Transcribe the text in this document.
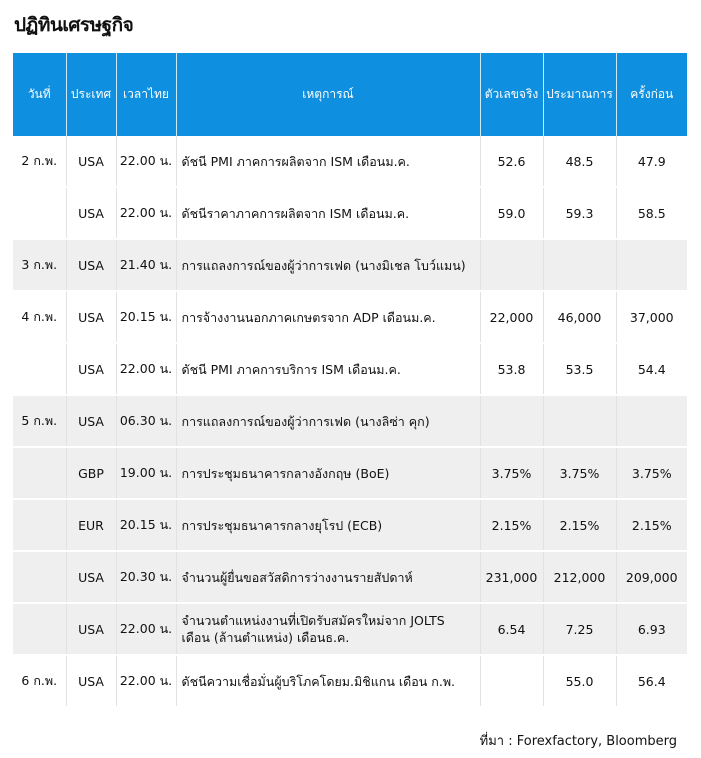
ปฏิทินเศรษฐกิจ
วันที่	ประเทศ	เวลาไทย	เหตุการณ์	ตัวเลขจริง	ประมาณการ	ครั้งก่อน
2 ก.พ.	USA	22.00 น.	ดัชนี PMI ภาคการผลิตจาก ISM เดือนม.ค.	52.6	48.5	47.9
	USA	22.00 น.	ดัชนีราคาภาคการผลิตจาก ISM เดือนม.ค.	59.0	59.3	58.5
3 ก.พ.	USA	21.40 น.	การแถลงการณ์ของผู้ว่าการเฟด (นางมิเชล โบว์แมน)			
4 ก.พ.	USA	20.15 น.	การจ้างงานนอกภาคเกษตรจาก ADP เดือนม.ค.	22,000	46,000	37,000
	USA	22.00 น.	ดัชนี PMI ภาคการบริการ ISM เดือนม.ค.	53.8	53.5	54.4
5 ก.พ.	USA	06.30 น.	การแถลงการณ์ของผู้ว่าการเฟด (นางลิซ่า คุก)			
	GBP	19.00 น.	การประชุมธนาคารกลางอังกฤษ (BoE)	3.75%	3.75%	3.75%
	EUR	20.15 น.	การประชุมธนาคารกลางยุโรป (ECB)	2.15%	2.15%	2.15%
	USA	20.30 น.	จำนวนผู้ยื่นขอสวัสดิการว่างงานรายสัปดาห์	231,000	212,000	209,000
	USA	22.00 น.	จำนวนตำแหน่งงานที่เปิดรับสมัครใหม่จาก JOLTS เดือน (ล้านตำแหน่ง) เดือนธ.ค.	6.54	7.25	6.93
6 ก.พ.	USA	22.00 น.	ดัชนีความเชื่อมั่นผู้บริโภคโดยม.มิชิแกน เดือน ก.พ.		55.0	56.4
ที่มา : Forexfactory, Bloomberg
